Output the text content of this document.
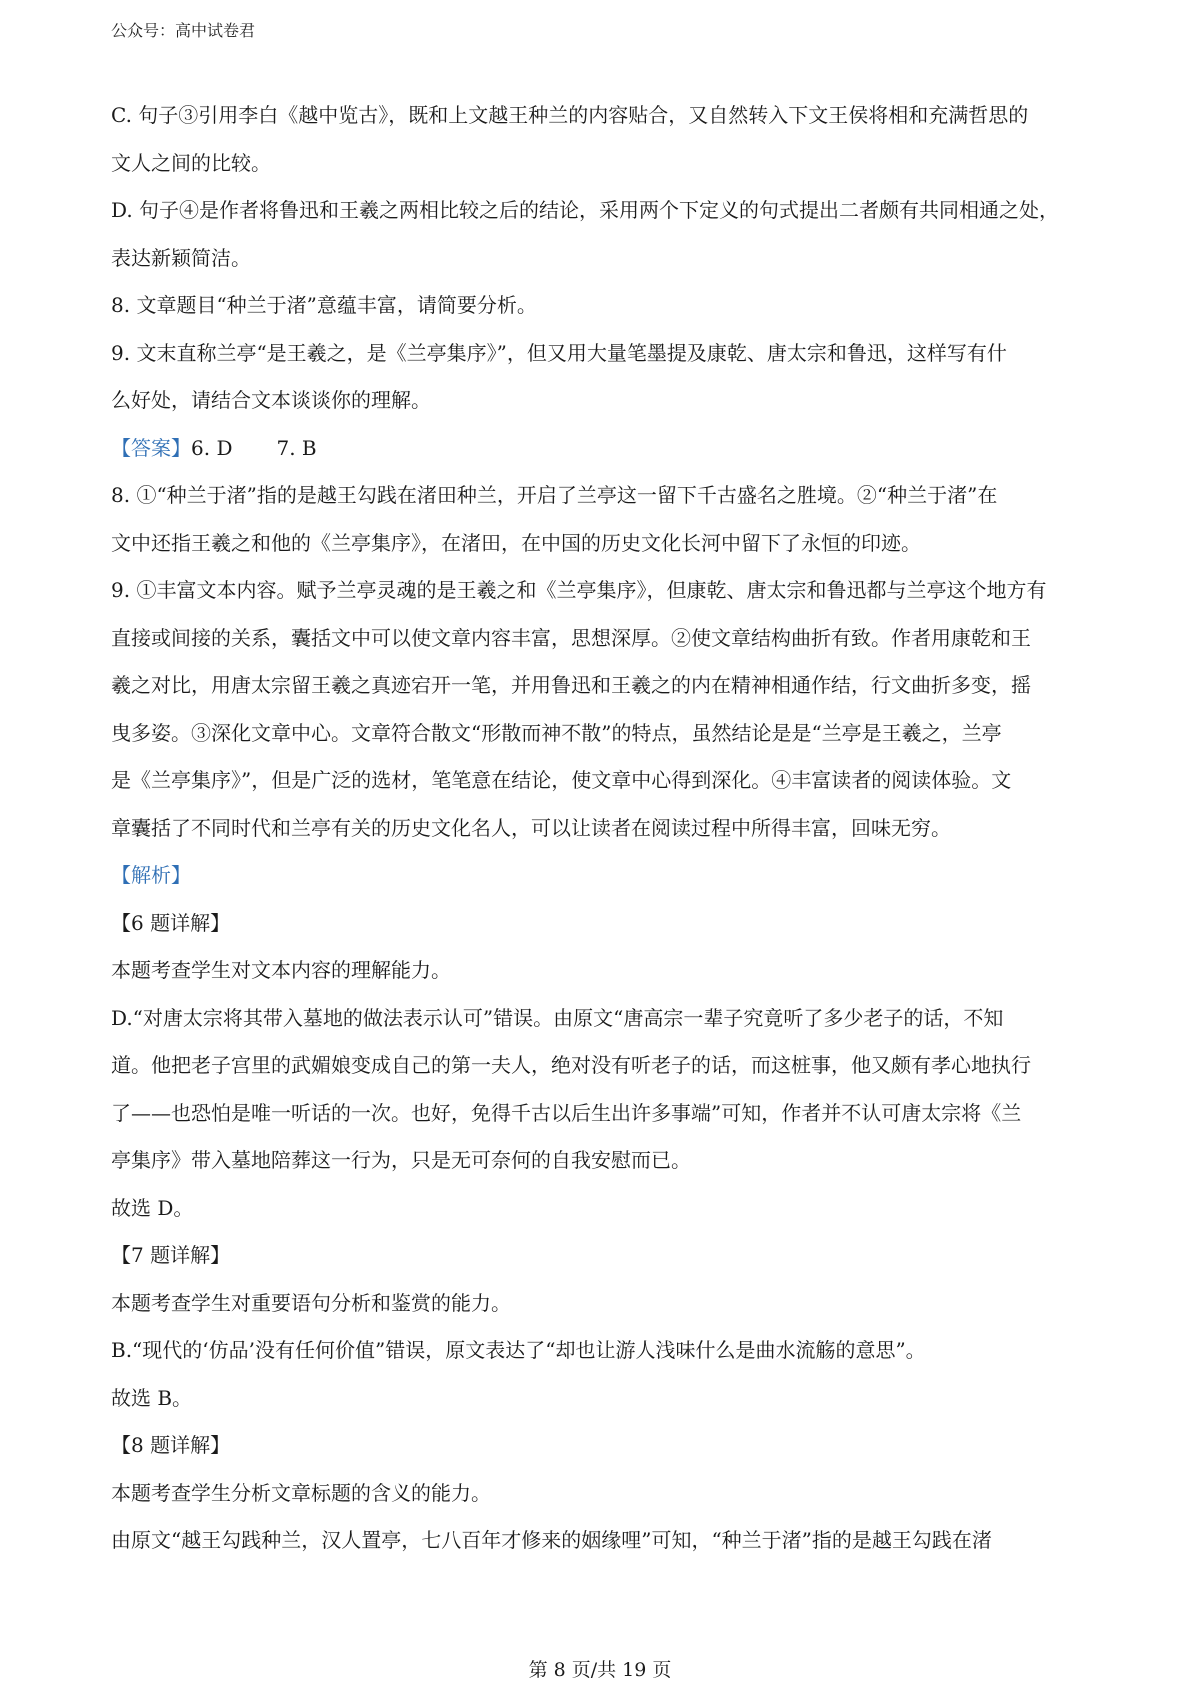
公众号：高中试卷君
C. 句子③引用李白《越中览古》，既和上文越王种兰的内容贴合，又自然转入下文王侯将相和充满哲思的
文人之间的比较。
D. 句子④是作者将鲁迅和王羲之两相比较之后的结论，采用两个下定义的句式提出二者颇有共同相通之处，
表达新颖简洁。
8. 文章题目“种兰于渚”意蕴丰富，请简要分析。
9. 文末直称兰亭“是王羲之，是《兰亭集序》”，但又用大量笔墨提及康乾、唐太宗和鲁迅，这样写有什
么好处，请结合文本谈谈你的理解。
【答案】6. D 7. B
8. ①“种兰于渚”指的是越王勾践在渚田种兰，开启了兰亭这一留下千古盛名之胜境。②“种兰于渚”在
文中还指王羲之和他的《兰亭集序》，在渚田，在中国的历史文化长河中留下了永恒的印迹。
9. ①丰富文本内容。赋予兰亭灵魂的是王羲之和《兰亭集序》，但康乾、唐太宗和鲁迅都与兰亭这个地方有
直接或间接的关系，囊括文中可以使文章内容丰富，思想深厚。②使文章结构曲折有致。作者用康乾和王
羲之对比，用唐太宗留王羲之真迹宕开一笔，并用鲁迅和王羲之的内在精神相通作结，行文曲折多变，摇
曳多姿。③深化文章中心。文章符合散文“形散而神不散”的特点，虽然结论是是“兰亭是王羲之，兰亭
是《兰亭集序》”，但是广泛的选材，笔笔意在结论，使文章中心得到深化。④丰富读者的阅读体验。文
章囊括了不同时代和兰亭有关的历史文化名人，可以让读者在阅读过程中所得丰富，回味无穷。
【解析】
【6 题详解】
本题考查学生对文本内容的理解能力。
D.“对唐太宗将其带入墓地的做法表示认可”错误。由原文“唐高宗一辈子究竟听了多少老子的话，不知
道。他把老子宫里的武媚娘变成自己的第一夫人，绝对没有听老子的话，而这桩事，他又颇有孝心地执行
了——也恐怕是唯一听话的一次。也好，免得千古以后生出许多事端”可知，作者并不认可唐太宗将《兰
亭集序》带入墓地陪葬这一行为，只是无可奈何的自我安慰而已。
故选 D。
【7 题详解】
本题考查学生对重要语句分析和鉴赏的能力。
B.“现代的‘仿品’没有任何价值”错误，原文表达了“却也让游人浅味什么是曲水流觞的意思”。
故选 B。
【8 题详解】
本题考查学生分析文章标题的含义的能力。
由原文“越王勾践种兰，汉人置亭，七八百年才修来的姻缘哩”可知，“种兰于渚”指的是越王勾践在渚
第 8 页/共 19 页
